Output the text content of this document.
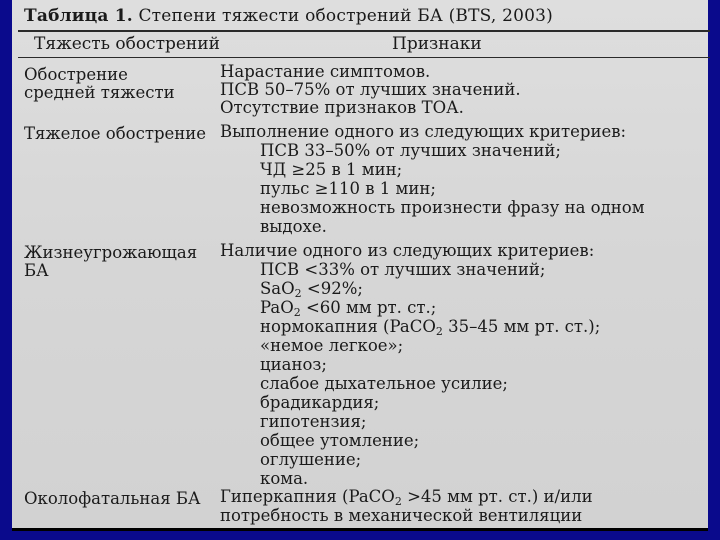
Таблица 1. Степени тяжести обострений БА (BTS, 2003)
Тяжесть обострений	Признаки
Обострение
средней тяжести
Нарастание симптомов.
ПСВ 50–75% от лучших значений.
Отсутствие признаков ТОА.
Тяжелое обострение Выполнение одного из следующих критериев:
ПСВ 33–50% от лучших значений;
ЧД ≥25 в 1 мин;
пульс ≥110 в 1 мин;
невозможность произнести фразу на одном
выдохе.
Жизнеугрожающая
БА
Наличие одного из следующих критериев:
ПСВ <33% от лучших значений;
SaO$_2$ <92%;
PaO$_2$ <60 мм рт. ст.;
нормокапния (PaCO$_2$ 35–45 мм рт. ст.);
«немое легкое»;
цианоз;
слабое дыхательное усилие;
брадикардия;
гипотензия;
общее утомление;
оглушение;
кома.
Околофатальная БА Гиперкапния (PaCO$_2$ >45 мм рт. ст.) и/или
потребность в механической вентиляции
